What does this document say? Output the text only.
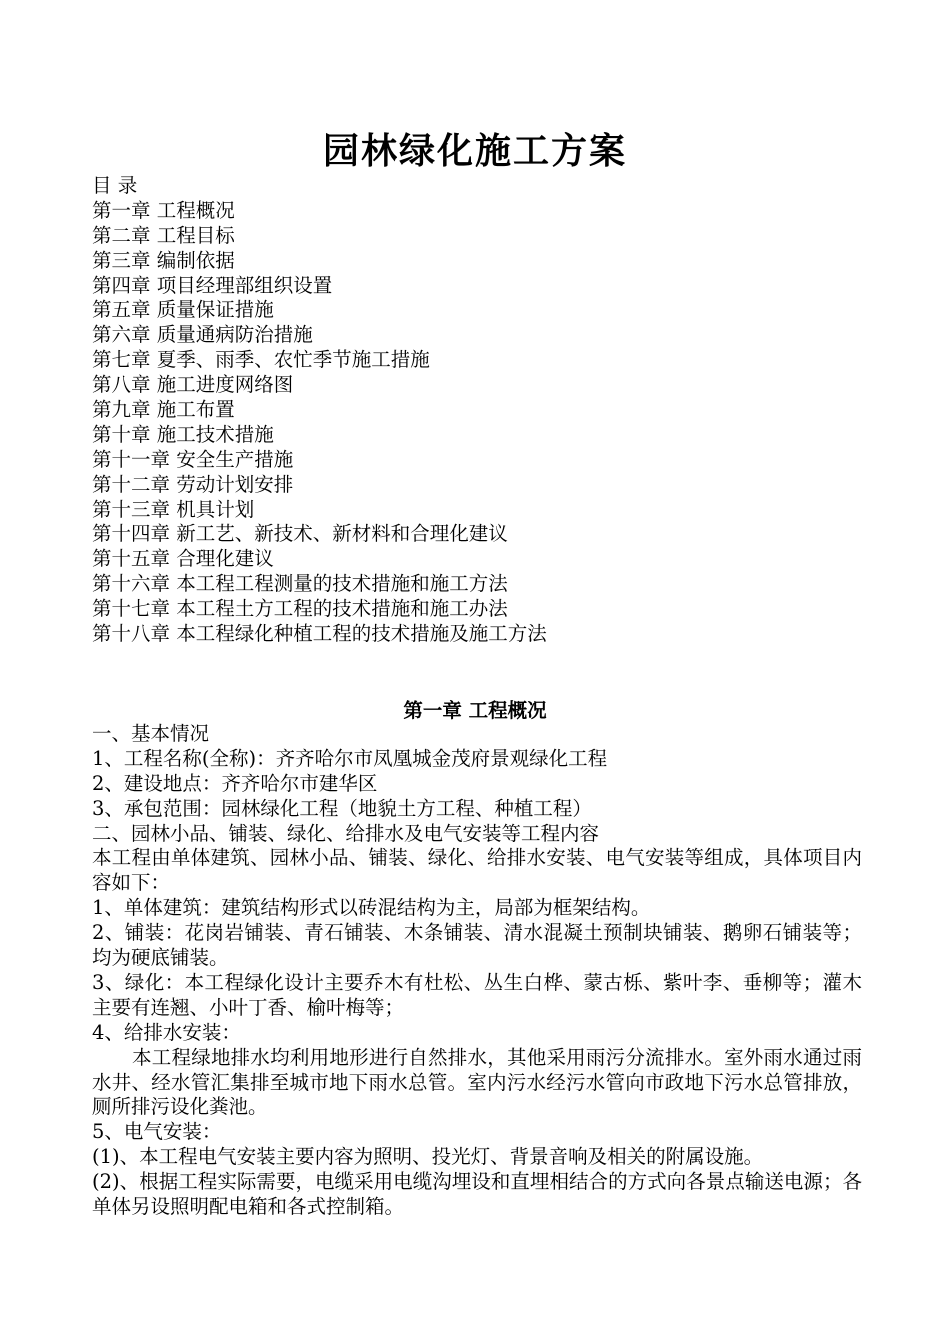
园林绿化施工方案
目 录
第一章 工程概况
第二章 工程目标
第三章 编制依据
第四章 项目经理部组织设置
第五章 质量保证措施
第六章 质量通病防治措施
第七章 夏季、雨季、农忙季节施工措施
第八章 施工进度网络图
第九章 施工布置
第十章 施工技术措施
第十一章 安全生产措施
第十二章 劳动计划安排
第十三章 机具计划
第十四章 新工艺、新技术、新材料和合理化建议
第十五章 合理化建议
第十六章 本工程工程测量的技术措施和施工方法
第十七章 本工程土方工程的技术措施和施工办法
第十八章 本工程绿化种植工程的技术措施及施工方法
第一章 工程概况
一、基本情况
1、工程名称(全称)：齐齐哈尔市凤凰城金茂府景观绿化工程
2、建设地点：齐齐哈尔市建华区
3、承包范围：园林绿化工程（地貌土方工程、种植工程）
二、园林小品、铺装、绿化、给排水及电气安装等工程内容
本工程由单体建筑、园林小品、铺装、绿化、给排水安装、电气安装等组成，具体项目内容如下：
1、单体建筑：建筑结构形式以砖混结构为主，局部为框架结构。
2、铺装：花岗岩铺装、青石铺装、木条铺装、清水混凝土预制块铺装、鹅卵石铺装等；均为硬底铺装。
3、绿化：本工程绿化设计主要乔木有杜松、丛生白桦、蒙古栎、紫叶李、垂柳等；灌木主要有连翘、小叶丁香、榆叶梅等；
4、给排水安装：
本工程绿地排水均利用地形进行自然排水，其他采用雨污分流排水。室外雨水通过雨水井、经水管汇集排至城市地下雨水总管。室内污水经污水管向市政地下污水总管排放，厕所排污设化粪池。
5、电气安装：
(1)、本工程电气安装主要内容为照明、投光灯、背景音响及相关的附属设施。
(2)、根据工程实际需要，电缆采用电缆沟埋设和直埋相结合的方式向各景点输送电源；各单体另设照明配电箱和各式控制箱。
